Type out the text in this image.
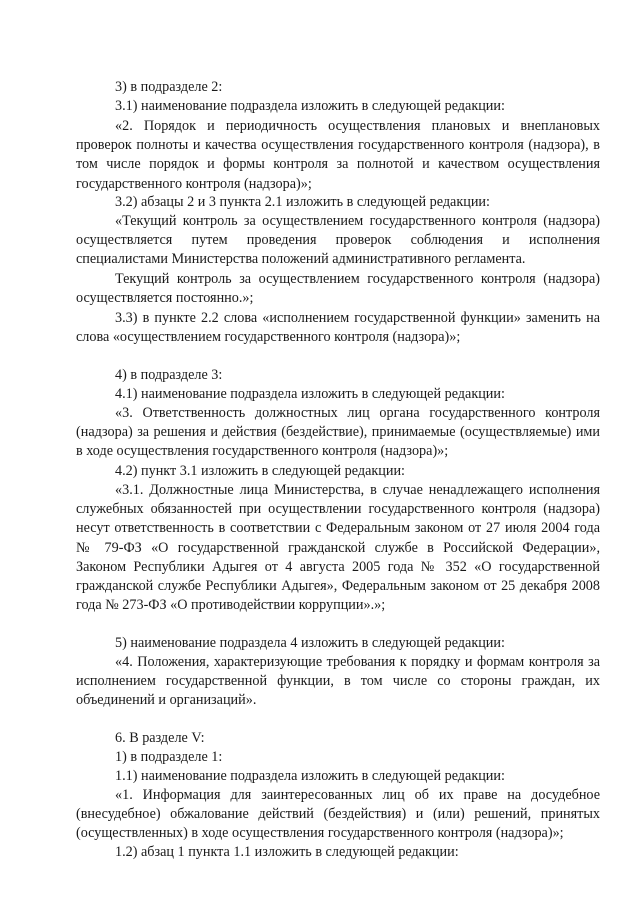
3) в подразделе 2:

3.1) наименование подраздела изложить в следующей редакции:

«2. Порядок и периодичность осуществления плановых и внеплановых проверок полноты и качества осуществления государственного контроля (надзора), в том числе порядок и формы контроля за полнотой и качеством осуществления государственного контроля (надзора)»;

3.2) абзацы 2 и 3 пункта 2.1 изложить в следующей редакции:

«Текущий контроль за осуществлением государственного контроля (надзора) осуществляется путем проведения проверок соблюдения и исполнения специалистами Министерства положений административного регламента.

Текущий контроль за осуществлением государственного контроля (надзора) осуществляется постоянно.»;

3.3) в пункте 2.2 слова «исполнением государственной функции» заменить на слова «осуществлением государственного контроля (надзора)»;

4) в подразделе 3:

4.1) наименование подраздела изложить в следующей редакции:

«3. Ответственность должностных лиц органа государственного контроля (надзора) за решения и действия (бездействие), принимаемые (осуществляемые) ими в ходе осуществления государственного контроля (надзора)»;

4.2) пункт 3.1 изложить в следующей редакции:

«3.1. Должностные лица Министерства, в случае ненадлежащего исполнения служебных обязанностей при осуществлении государственного контроля (надзора) несут ответственность в соответствии с Федеральным законом от 27 июля 2004 года № 79-ФЗ «О государственной гражданской службе в Российской Федерации», Законом Республики Адыгея от 4 августа 2005 года № 352 «О государственной гражданской службе Республики Адыгея», Федеральным законом от 25 декабря 2008 года № 273-ФЗ «О противодействии коррупции».»;

5) наименование подраздела 4 изложить в следующей редакции:

«4. Положения, характеризующие требования к порядку и формам контроля за исполнением государственной функции, в том числе со стороны граждан, их объединений и организаций».

6. В разделе V:

1) в подразделе 1:

1.1) наименование подраздела изложить в следующей редакции:

«1. Информация для заинтересованных лиц об их праве на досудебное (внесудебное) обжалование действий (бездействия) и (или) решений, принятых (осуществленных) в ходе осуществления государственного контроля (надзора)»;

1.2) абзац 1 пункта 1.1 изложить в следующей редакции:
